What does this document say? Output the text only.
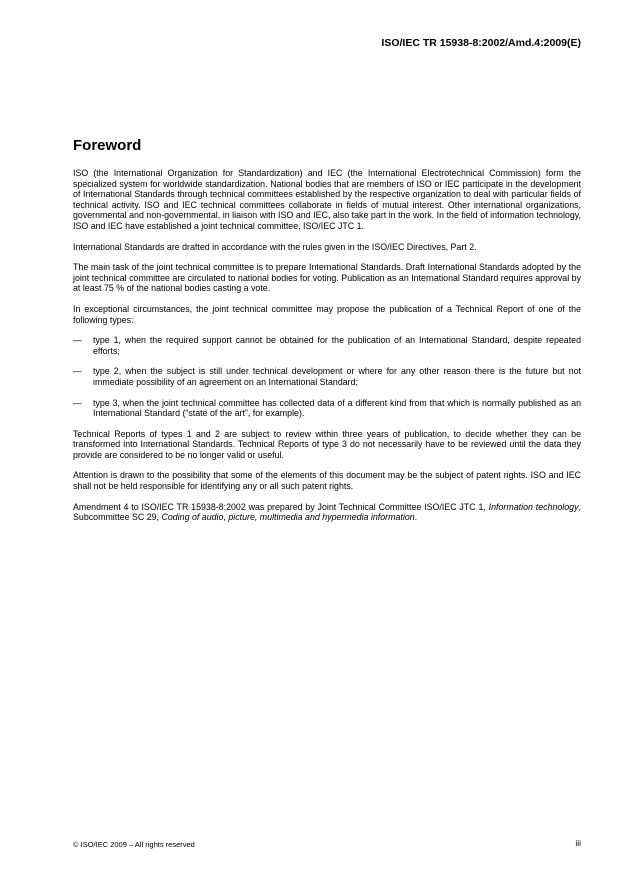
ISO/IEC TR 15938-8:2002/Amd.4:2009(E)
Foreword

ISO (the International Organization for Standardization) and IEC (the International Electrotechnical Commission) form the specialized system for worldwide standardization. National bodies that are members of ISO or IEC participate in the development of International Standards through technical committees established by the respective organization to deal with particular fields of technical activity. ISO and IEC technical committees collaborate in fields of mutual interest. Other international organizations, governmental and non-governmental, in liaison with ISO and IEC, also take part in the work. In the field of information technology, ISO and IEC have established a joint technical committee, ISO/IEC JTC 1.

International Standards are drafted in accordance with the rules given in the ISO/IEC Directives, Part 2.

The main task of the joint technical committee is to prepare International Standards. Draft International Standards adopted by the joint technical committee are circulated to national bodies for voting. Publication as an International Standard requires approval by at least 75 % of the national bodies casting a vote.

In exceptional circumstances, the joint technical committee may propose the publication of a Technical Report of one of the following types:

—	type 1, when the required support cannot be obtained for the publication of an International Standard, despite repeated efforts;
—	type 2, when the subject is still under technical development or where for any other reason there is the future but not immediate possibility of an agreement on an International Standard;
—	type 3, when the joint technical committee has collected data of a different kind from that which is normally published as an International Standard (“state of the art”, for example).

Technical Reports of types 1 and 2 are subject to review within three years of publication, to decide whether they can be transformed into International Standards. Technical Reports of type 3 do not necessarily have to be reviewed until the data they provide are considered to be no longer valid or useful.

Attention is drawn to the possibility that some of the elements of this document may be the subject of patent rights. ISO and IEC shall not be held responsible for identifying any or all such patent rights.

Amendment 4 to ISO/IEC TR 15938-8:2002 was prepared by Joint Technical Committee ISO/IEC JTC 1, Information technology, Subcommittee SC 29, Coding of audio, picture, multimedia and hypermedia information.

© ISO/IEC 2009 – All rights reserved	iii
